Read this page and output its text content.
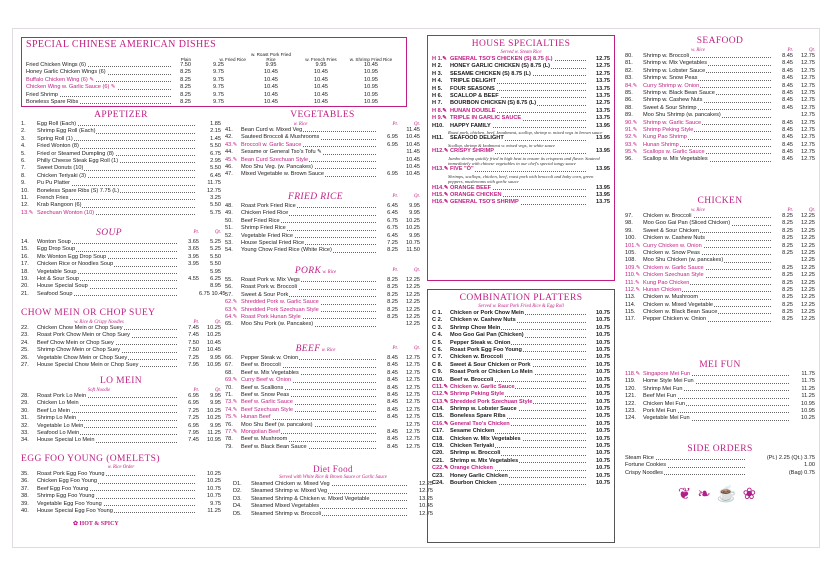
SPECIAL CHINESE AMERICAN DISHES
Plain	w. Fried Rice
w. Roast Pork Fried Rice	w. French Fries	w. Shrimp Fried Rice
Fried Chicken Wings (6)	7.50	9.25	9.95	9.95	10.45
Honey Garlic Chicken Wings (6)	8.25	9.75	10.45	10.45	10.95
Buffalo Chicken Wing (6) ✎	8.25	9.75	10.45	10.45	10.95
Chicken Wing w. Garlic Sauce (6) ✎	8.25	9.75	10.45	10.45	10.95
Fried Shrimp	8.25	9.75	10.45	10.45	10.95
Boneless Spare Ribs	8.25	9.75	10.45	10.45	10.95
APPETIZER
1.	Egg Roll (Each)	1.85
2.	Shrimp Egg Roll (Each)	2.15
3.	Spring Roll (1)	1.45
4.	Fried Wonton (8)	5.50
5.	Fried or Steamed Dumpling (8)	6.75
6.	Philly Cheese Steak Egg Roll (1)	2.95
7.	Sweet Donuts (10)	5.50
8.	Chicken Teriyaki (3)	6.45
9.	Pu Pu Platter	11.75
10.	Boneless Spare Ribs (S) 7.75 (L)	12.75
11.	French Fries	3.25
12.	Krab Rangoon (6)	5.50
13.✎ Szechuan Wonton (10)	5.75
SOUP	Pt.	Qt.
14.	Wonton Soup	3.65	5.25
15.	Egg Drop Soup	3.65	5.25
16.	Mix Wonton Egg Drop Soup	3.95	5.50
17.	Chicken Rice or Noodles Soup	3.95	5.50
18.	Vegetable Soup	5.95
19.	Hot & Sour Soup	4.55	6.25
20.	House Special Soup	8.95
21.	Seafood Soup	6.75 10.45
CHOW MEIN OR CHOP SUEY
w. Rice & Crispy Noodles	Pt.	Qt.
22.	Chicken Chow Mein or Chop Suey	7.45	10.25
23.	Roast Pork Chow Mein or Chop Suey	7.45	10.25
24.	Beef Chow Mein or Chop Suey	7.50	10.45
25.	Shrimp Chow Mein or Chop Suey	7.50	10.45
26.	Vegetable Chow Mein or Chop Suey	7.25	9.95
27.	House Special Chow Mein or Chop Suey	7.95	10.95
LO MEIN
Soft Noodle	Pt.	Qt.
28.	Roast Pork Lo Mein	6.95	9.95
29.	Chicken Lo Mein	6.95	9.95
30.	Beef Lo Mein	7.25	10.25
31.	Shrimp Lo Mein	7.25	10.25
32.	Vegetable Lo Mein	6.95	9.95
33.	Seafood Lo Mein	7.95	11.25
34.	House Special Lo Mein	7.45	10.95
EGG FOO YOUNG (OMELETS)
w. Rice Order
35.	Roast Pork Egg Foo Young	10.25
36.	Chicken Egg Foo Young	10.25
37.	Beef Egg Foo Young	10.75
38.	Shrimp Egg Foo Young	10.75
39.	Vegetable Egg Foo Young	9.75
40.	House Special Egg Foo Young	11.25
✿ HOT & SPICY
VEGETABLES
w. Rice	Pt.	Qt.
41.	Bean Curd w. Mixed Veg	11.45
42.	Sauteed Broccoli & Mushrooms	6.95	10.45
43.✎ Broccoli w. Garlic Sauce	6.95	10.45
44.	Sesame or General Tso's Tofu ✎	11.45
45.✎ Bean Curd Szechuan Style	10.45
46.	Moo Shu Veg. (w. Pancakes)	10.45
47.	Mixed Vegetable w. Brown Sauce	6.95	10.45
FRIED RICE	Pt.	Qt.
48.	Roast Pork Fried Rice	6.45	9.95
49.	Chicken Fried Rice	6.45	9.95
50.	Beef Fried Rice	6.75	10.25
51.	Shrimp Fried Rice	6.75	10.25
52.	Vegetable Fried Rice	6.45	9.95
53.	House Special Fried Rice	7.25	10.75
54.	Young Chow Fried Rice (White Rice)	8.25	11.50
PORK w. Rice	Pt.	Qt.
55.	Roast Pork w. Mix Vegs	8.25	12.25
56.	Roast Pork w. Broccoli	8.25	12.25
57.	Sweet & Sour Pork	8.25	12.25
62.✎ Shredded Pork w. Garlic Sauce	8.25	12.25
63.✎ Shredded Pork Szechuan Style	8.25	12.25
64.✎ Roast Pork Hunan Style	8.25	12.25
65.	Moo Shu Pork (w. Pancakes)	12.25
BEEF w. Rice	Pt.	Qt.
66.	Pepper Steak w. Onion	8.45	12.75
67.	Beef w. Broccoli	8.45	12.75
68.	Beef w. Mix Vegetables	8.45	12.75
69.✎ Curry Beef w. Onion	8.45	12.75
70.	Beef w. Scallions	8.45	12.75
71.	Beef w. Snow Peas	8.45	12.75
73.✎ Beef w. Garlic Sauce	8.45	12.75
74.✎ Beef Szechuan Style	8.45	12.75
75.✎ Hunan Beef	8.45	12.75
76.	Moo Shu Beef (w. pancakes)	12.75
77.✎ Mongolian Beef	8.45	12.75
78.	Beef w. Mushroom	8.45	12.75
79.	Beef w. Black Bean Sauce	8.45	12.75
Diet Food
Served with White Rice & Brown Sauce or Garlic Sauce
D1.	Steamed Chicken w. Mixed Veg	12.25
D2.	Steamed Shrimp w. Mixed Veg	12.75
D3.	Steamed Shrimp & Chicken w. Mixed Vegetable	13.25
D4.	Steamed Mixed Vegetables	10.45
D5.	Steamed Shrimp w. Broccoli	12.75
HOUSE SPECIALTIES
Served w. Steam Rice
H 1.✎ GENERAL TSO'S CHICKEN (S) 8.75 (L)	12.75
H 2.	HONEY GARLIC CHICKEN (S) 8.75 (L)	12.75
H 3.	SESAME CHICKEN (S) 8.75 (L)	12.75
H 4.	TRIPLE DELIGHT	13.75
H 5.	FOUR SEASONS	13.75
H 6.	SCALLOP & BEEF	13.75
H 7.	BOURBON CHICKEN (S) 8.75 (L)	12.75
H 8.✎ HUNAN DOUBLE	13.75
H 9.✎ TRIPLE IN GARLIC SAUCE	13.75
H10.	HAPPY FAMILY	13.95
Roast pork, chicken, beef, kraabmeat, scallop, shrimp w. mixed vegs in brown sauce
H11.	SEAFOOD DELIGHT	13.95
Scallop, shrimp & krabmeat w. mixed vegs, in white sauce
H12.✎ CRISPY SHRIMP	13.95
Jumbo shrimp quickly fried in high heat to ensure its crispness and flavor. Sauteed immediately with chinese vegetables in our chef's special tangy sauce
H13.✎ FIVE "O"	13.95
Shrimps, scallops, chicken, beef, roast pork with broccoli and baby corn, green peppers, mushrooms with garlic sauce
H14.✎ ORANGE BEEF	13.95
H15.✎ ORANGE CHICKEN	13.95
H16.✎ GENERAL TSO'S SHRIMP	13.75
COMBINATION PLATTERS
Served w. Roast Pork Fried Rice & Egg Roll
C 1.	Chicken or Pork Chow Mein	10.75
C 2.	Chicken w. Cashew Nuts	10.75
C 3.	Shrimp Chow Mein	10.75
C 4.	Moo Goo Gai Pan (Chicken)	10.75
C 5.	Pepper Steak w. Onion	10.75
C 6.	Roast Pork Egg Foo Young	10.75
C 7.	Chicken w. Broccoli	10.75
C 8.	Sweet & Sour Chicken or Pork	10.75
C 9.	Roast Pork or Chicken Lo Mein	10.75
C10.	Beef w. Broccoli	10.75
C11.✎ Chicken w. Garlic Sauce	10.75
C12.✎ Shrimp Peking Style	10.75
C13.✎ Shredded Pork Szechuan Style	10.75
C14.	Shrimp w. Lobster Sauce	10.75
C15.	Boneless Spare Ribs	10.75
C16.✎ General Tso's Chicken	10.75
C17.	Sesame Chicken	10.75
C18.	Chicken w. Mix Vegetables	10.75
C19.	Chicken Teriyaki	10.75
C20.	Shrimp w. Broccoli	10.75
C21.	Shrimp w. Mix Vegetables	10.75
C22.✎ Orange Chicken	10.75
C23.	Honey Garlic Chicken	10.75
C24.	Bourbon Chicken	10.75
SEAFOOD
w. Rice	Pt.	Qt.
80.	Shrimp w. Broccoli	8.45	12.75
81.	Shrimp w. Mix Vegetables	8.45	12.75
82.	Shrimp w. Lobster Sauce	8.45	12.75
83.	Shrimp w. Snow Peas	8.45	12.75
84.✎ Curry Shrimp w. Onion	8.45	12.75
85.	Shrimp w. Black Bean Sauce	8.45	12.75
86.	Shrimp w. Cashew Nuts	8.45	12.75
88.	Sweet & Sour Shrimp	8.45	12.75
89.	Moo Shu Shrimp (w. pancakes)	12.75
90.✎ Shrimp w. Garlic Sauce	8.45	12.75
91.✎ Shrimp Peking Style	8.45	12.75
92.✎ Kung Pao Shrimp	8.45	12.75
93.✎ Hunan Shrimp	8.45	12.75
95.✎ Scallops w. Garlic Sauce	8.45	12.75
96.	Scallop w. Mix Vegetables	8.45	12.75
CHICKEN
w. Rice	Pt.	Qt.
97.	Chicken w. Broccoli	8.25	12.25
98.	Moo Goo Gai Pan (Sliced Chicken)	8.25	12.25
99.	Sweet & Sour Chicken	8.25	12.25
100.	Chicken w. Cashew Nuts	8.25	12.25
101.✎ Curry Chicken w. Onion	8.25	12.25
105.	Chicken w. Snow Peas	8.25	12.25
108.	Moo Shu Chicken (w. pancakes)	12.25
109.✎ Chicken w. Garlic Sauce	8.25	12.25
110.✎ Chicken Szechuan Style	8.25	12.25
111.✎ Kung Pao Chicken	8.25	12.25
112.✎ Hunan Chicken	8.25	12.25
113.	Chicken w. Mushroom	8.25	12.25
114.	Chicken w. Mixed Vegetable	8.25	12.25
115.	Chicken w. Black Bean Sauce	8.25	12.25
117.	Pepper Chicken w. Onion	8.25	12.25
MEI FUN
118.✎ Singapore Mei Fun	11.75
119.	Home Style Mei Fun	11.75
120.	Shrimp Mei Fun	11.25
121.	Beef Mei Fun	11.25
122.	Chicken Mei Fun	10.95
123.	Pork Mei Fun	10.95
124.	Vegetable Mei Fun	10.25
SIDE ORDERS
Steam Rice	(Pt.) 2.25 (Qt.) 3.75
Fortune Cookies	1.00
Crispy Noodles	(Bag) 0.75
❦❧☕❀
